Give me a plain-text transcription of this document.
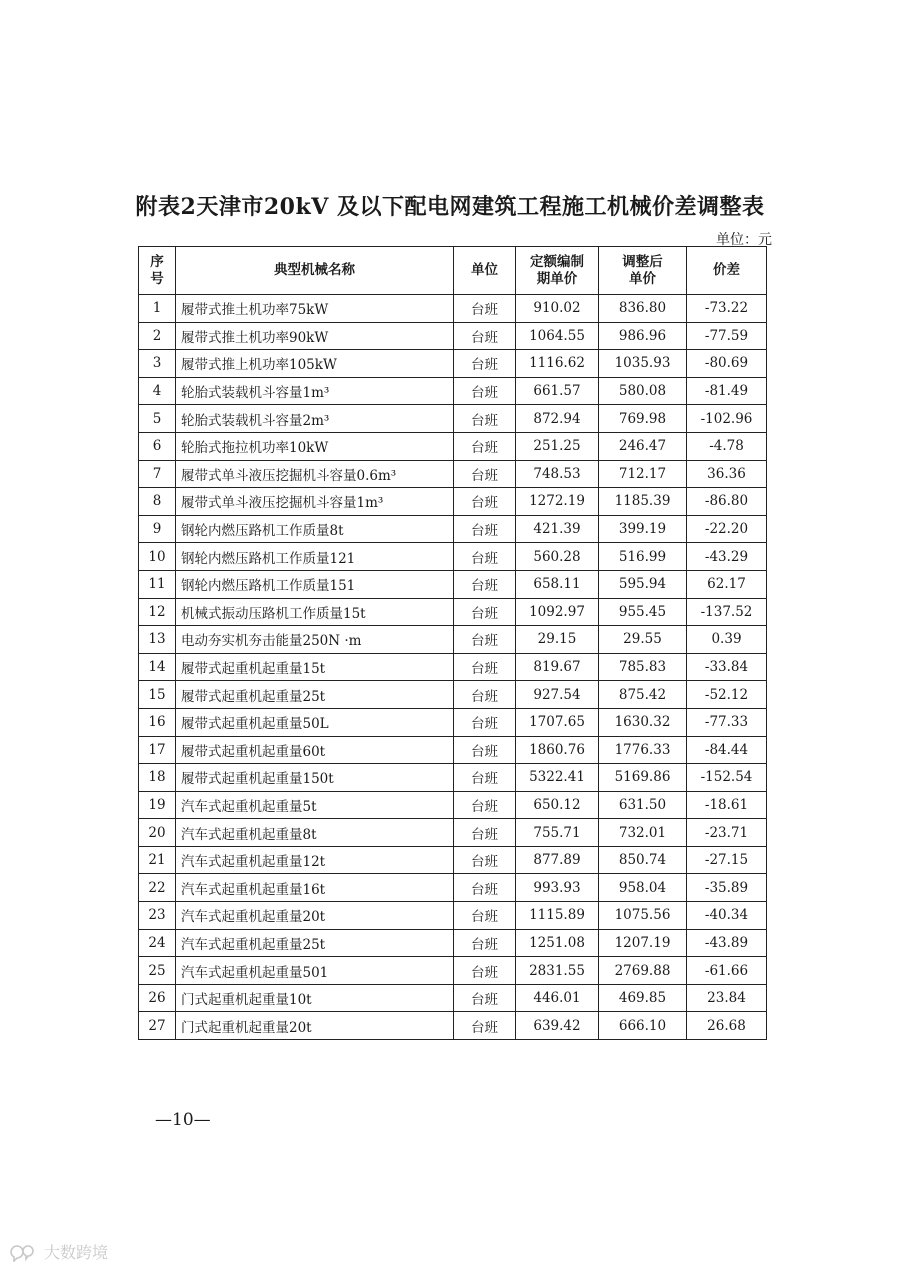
附表2天津市20kV 及以下配电网建筑工程施工机械价差调整表
单位：元
序号	典型机械名称	单位	定额编制期单价	调整后单价	价差
1	履带式推土机功率75kW	台班	910.02	836.80	-73.22
2	履带式推土机功率90kW	台班	1064.55	986.96	-77.59
3	履带式推上机功率105kW	台班	1116.62	1035.93	-80.69
4	轮胎式装载机斗容量1m³	台班	661.57	580.08	-81.49
5	轮胎式装载机斗容量2m³	台班	872.94	769.98	-102.96
6	轮胎式拖拉机功率10kW	台班	251.25	246.47	-4.78
7	履带式单斗液压挖掘机斗容量0.6m³	台班	748.53	712.17	36.36
8	履带式单斗液压挖掘机斗容量1m³	台班	1272.19	1185.39	-86.80
9	钢轮内燃压路机工作质量8t	台班	421.39	399.19	-22.20
10	钢轮内燃压路机工作质量121	台班	560.28	516.99	-43.29
11	钢轮内燃压路机工作质量151	台班	658.11	595.94	62.17
12	机械式振动压路机工作质量15t	台班	1092.97	955.45	-137.52
13	电动夯实机夯击能量250N ·m	台班	29.15	29.55	0.39
14	履带式起重机起重量15t	台班	819.67	785.83	-33.84
15	履带式起重机起重量25t	台班	927.54	875.42	-52.12
16	履带式起重机起重量50L	台班	1707.65	1630.32	-77.33
17	履带式起重机起重量60t	台班	1860.76	1776.33	-84.44
18	履带式起重机起重量150t	台班	5322.41	5169.86	-152.54
19	汽车式起重机起重量5t	台班	650.12	631.50	-18.61
20	汽车式起重机起重量8t	台班	755.71	732.01	-23.71
21	汽车式起重机起重量12t	台班	877.89	850.74	-27.15
22	汽车式起重机起重量16t	台班	993.93	958.04	-35.89
23	汽车式起重机起重量20t	台班	1115.89	1075.56	-40.34
24	汽车式起重机起重量25t	台班	1251.08	1207.19	-43.89
25	汽车式起重机起重量501	台班	2831.55	2769.88	-61.66
26	门式起重机起重量10t	台班	446.01	469.85	23.84
27	门式起重机起重量20t	台班	639.42	666.10	26.68
—10—
大数跨境
